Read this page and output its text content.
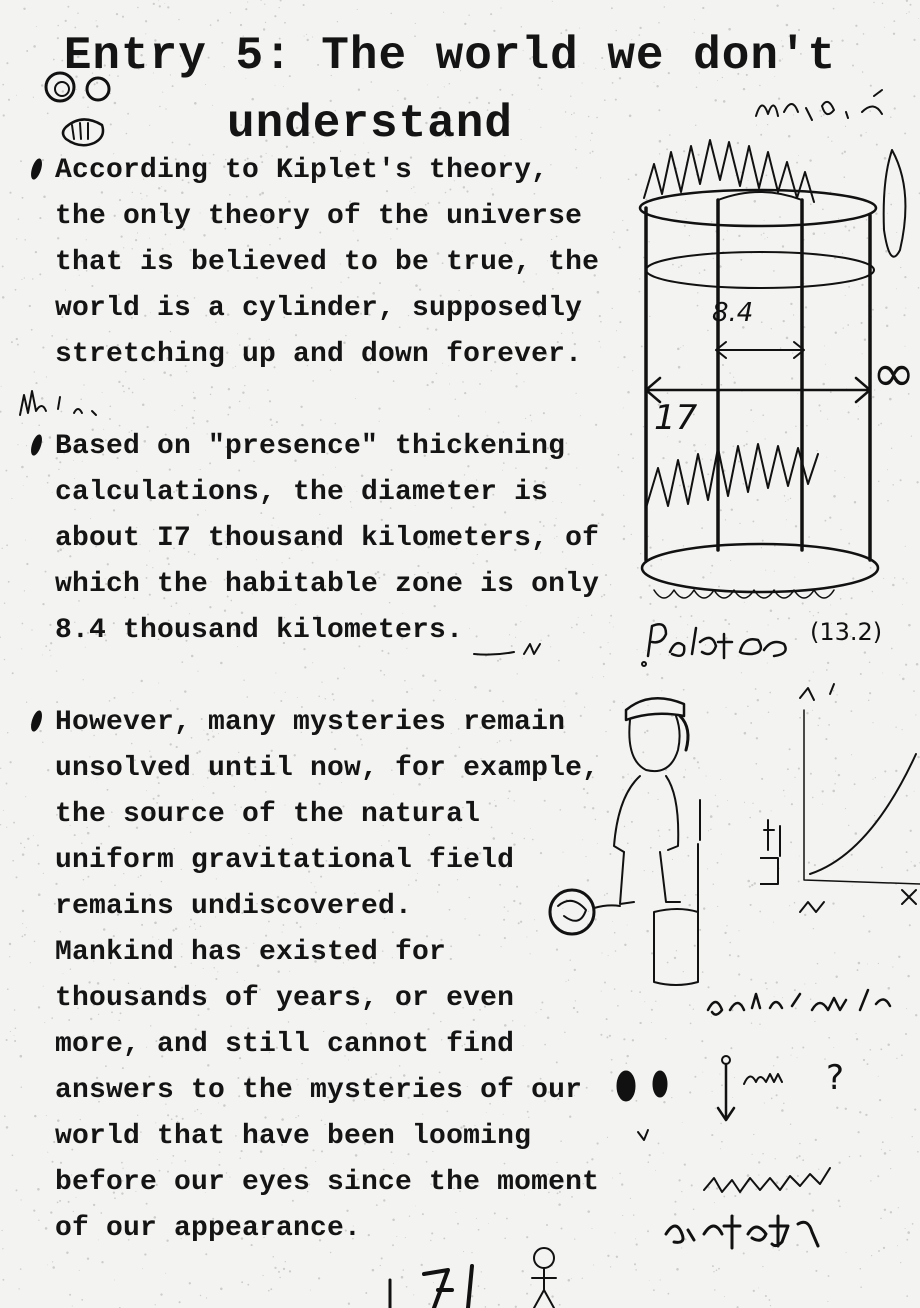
Entry 5: The world we don't
understand
According to Kiplet's theory,
the only theory of the universe
that is believed to be true, the
world is a cylinder, supposedly
stretching up and down forever.
Based on "presence" thickening
calculations, the diameter is
about I7 thousand kilometers, of
which the habitable zone is only
8.4 thousand kilometers.
However, many mysteries remain
unsolved until now, for example,
the source of the natural
uniform gravitational field
remains undiscovered.
Mankind has existed for
thousands of years, or even
more, and still cannot find
answers to the mysteries of our
world that have been looming
before our eyes since the moment
of our appearance.
8.4
17
∞
(13.2)
?
